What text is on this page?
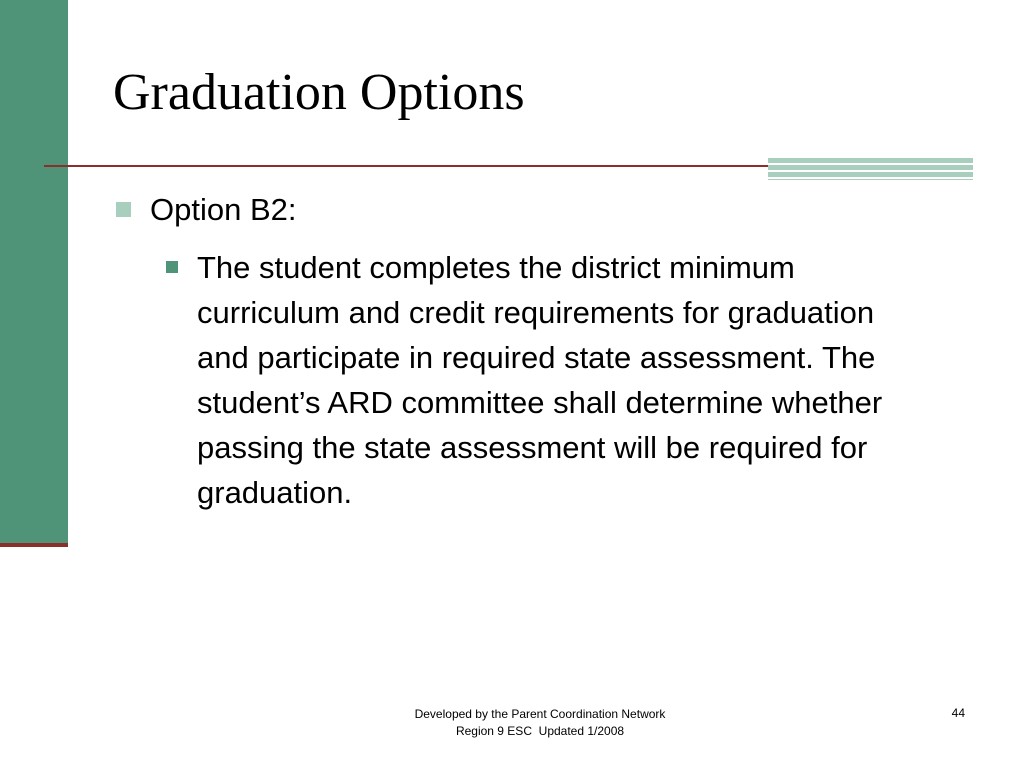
Graduation Options
Option B2:
The student completes the district minimum curriculum and credit requirements for graduation and participate in required state assessment. The student’s ARD committee shall determine whether passing the state assessment will be required for graduation.
Developed by the Parent Coordination Network
Region 9 ESC  Updated 1/2008
44
